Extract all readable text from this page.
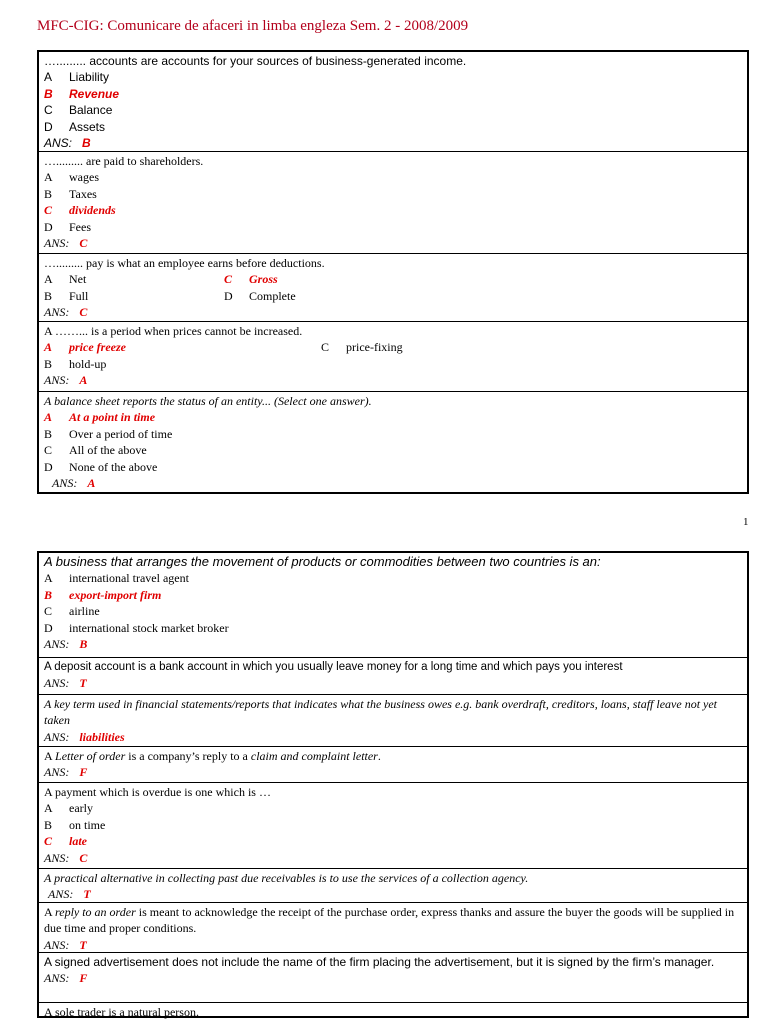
MFC-CIG: Comunicare de afaceri in limba engleza Sem. 2 - 2008/2009
…......... accounts are accounts for your sources of business-generated income.
A Liability
B Revenue
C Balance
D Assets
ANS: B
…......... are paid to shareholders.
A wages
B Taxes
C dividends
D Fees
ANS: C
…......... pay is what an employee earns before deductions.
A Net	C Gross
B Full	D Complete
ANS: C
A ……... is a period when prices cannot be increased.
A price freeze	C price-fixing
B hold-up
ANS: A
A balance sheet reports the status of an entity... (Select one answer).
A At a point in time
B Over a period of time
C All of the above
D None of the above
ANS: A
1
A business that arranges the movement of products or commodities between two countries is an:
A international travel agent
B export-import firm
C airline
D international stock market broker
ANS: B
A deposit account is a bank account in which you usually leave money for a long time and which pays you interest
ANS: T
A key term used in financial statements/reports that indicates what the business owes e.g. bank overdraft, creditors, loans, staff leave not yet taken
ANS: liabilities
A Letter of order is a company’s reply to a claim and complaint letter.
ANS: F
A payment which is overdue is one which is …
A early
B on time
C late
ANS: C
A practical alternative in collecting past due receivables is to use the services of a collection agency.
ANS: T
A reply to an order is meant to acknowledge the receipt of the purchase order, express thanks and assure the buyer the goods will be supplied in due time and proper conditions.
ANS: T
A signed advertisement does not include the name of the firm placing the advertisement, but it is signed by the firm’s manager.
ANS: F
A sole trader is a natural person.
